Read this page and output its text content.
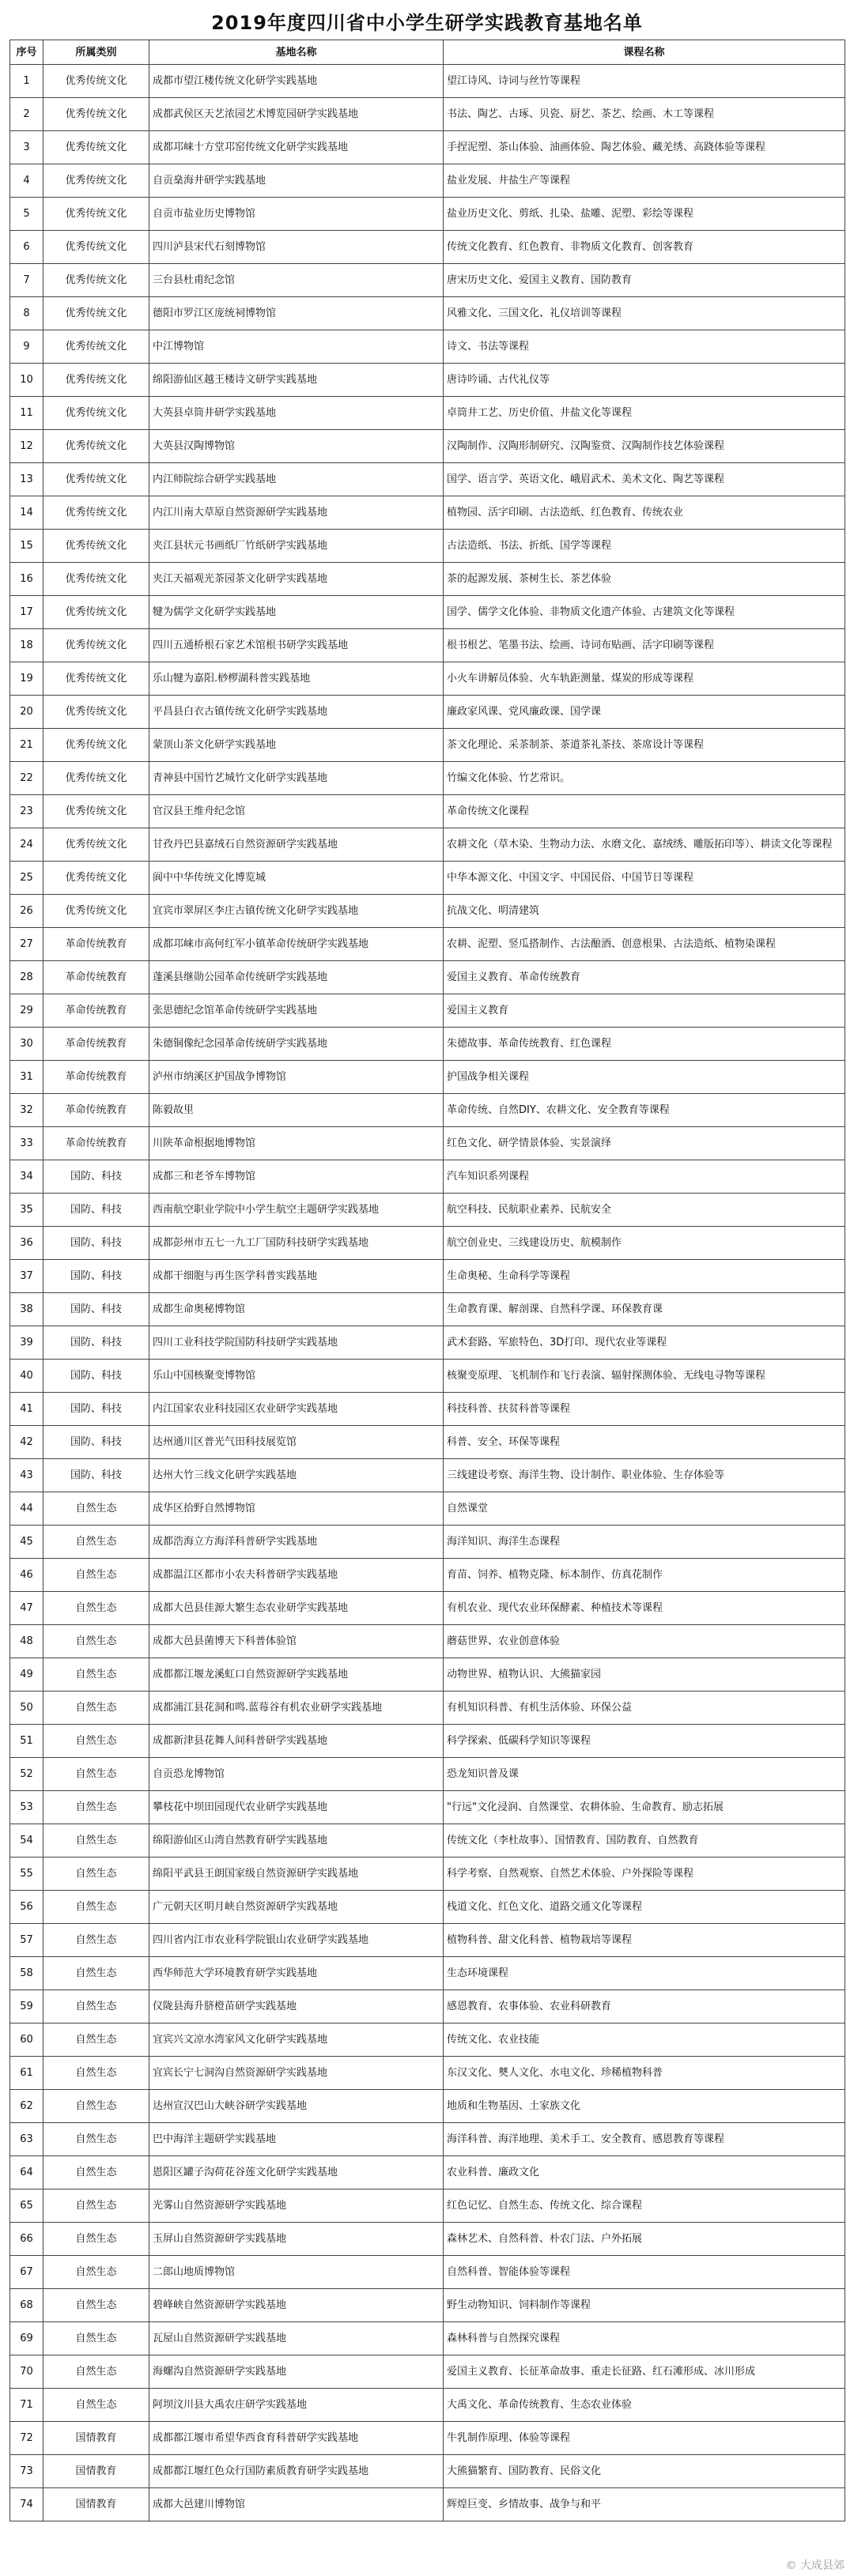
2019年度四川省中小学生研学实践教育基地名单
序号	所属类别	基地名称	课程名称
1	优秀传统文化	成都市望江楼传统文化研学实践基地	望江诗风、诗词与丝竹等课程
2	优秀传统文化	成都武侯区天艺浓园艺术博览园研学实践基地	书法、陶艺、古琢、贝瓷、厨艺、茶艺、绘画、木工等课程
3	优秀传统文化	成都邛崃十方堂邛窑传统文化研学实践基地	手捏泥塑、茶山体验、油画体验、陶艺体验、藏羌绣、高跷体验等课程
4	优秀传统文化	自贡燊海井研学实践基地	盐业发展、井盐生产等课程
5	优秀传统文化	自贡市盐业历史博物馆	盐业历史文化、剪纸、扎染、盐雕、泥塑、彩绘等课程
6	优秀传统文化	四川泸县宋代石刻博物馆	传统文化教育、红色教育、非物质文化教育、创客教育
7	优秀传统文化	三台县杜甫纪念馆	唐宋历史文化、爱国主义教育、国防教育
8	优秀传统文化	德阳市罗江区庞统祠博物馆	风雅文化、三国文化、礼仪培训等课程
9	优秀传统文化	中江博物馆	诗文、书法等课程
10	优秀传统文化	绵阳游仙区越王楼诗文研学实践基地	唐诗吟诵、古代礼仪等
11	优秀传统文化	大英县卓筒井研学实践基地	卓筒井工艺、历史价值、井盐文化等课程
12	优秀传统文化	大英县汉陶博物馆	汉陶制作、汉陶形制研究、汉陶鉴赏、汉陶制作技艺体验课程
13	优秀传统文化	内江师院综合研学实践基地	国学、语言学、英语文化、峨眉武术、美术文化、陶艺等课程
14	优秀传统文化	内江川南大草原自然资源研学实践基地	植物园、活字印刷、古法造纸、红色教育、传统农业
15	优秀传统文化	夹江县状元书画纸厂竹纸研学实践基地	古法造纸、书法、折纸、国学等课程
16	优秀传统文化	夹江天福观光茶园茶文化研学实践基地	茶的起源发展、茶树生长、茶艺体验
17	优秀传统文化	犍为儒学文化研学实践基地	国学、儒学文化体验、非物质文化遗产体验、古建筑文化等课程
18	优秀传统文化	四川五通桥根石家艺术馆根书研学实践基地	根书根艺、笔墨书法、绘画、诗词布贴画、活字印刷等课程
19	优秀传统文化	乐山犍为嘉阳.桫椤湖科普实践基地	小火车讲解员体验、火车轨距测量、煤炭的形成等课程
20	优秀传统文化	平昌县白衣古镇传统文化研学实践基地	廉政家风课、党风廉政课、国学课
21	优秀传统文化	蒙顶山茶文化研学实践基地	茶文化理论、采茶制茶、茶道茶礼茶技、茶席设计等课程
22	优秀传统文化	青神县中国竹艺城竹文化研学实践基地	竹编文化体验、竹艺常识。
23	优秀传统文化	官汉县王维舟纪念馆	革命传统文化课程
24	优秀传统文化	甘孜丹巴县嘉绒石自然资源研学实践基地	农耕文化（草木染、生物动力法、水磨文化、嘉绒绣、雕版拓印等）、耕读文化等课程
25	优秀传统文化	阆中中华传统文化博览城	中华本源文化、中国文字、中国民俗、中国节日等课程
26	优秀传统文化	宜宾市翠屏区李庄古镇传统文化研学实践基地	抗战文化、明清建筑
27	革命传统教育	成都邛崃市高何红军小镇革命传统研学实践基地	农耕、泥塑、竖瓜搭制作、古法酿酒、创意根果、古法造纸、植物染课程
28	革命传统教育	蓬溪县继勋公园革命传统研学实践基地	爱国主义教育、革命传统教育
29	革命传统教育	张思德纪念馆革命传统研学实践基地	爱国主义教育
30	革命传统教育	朱德铜像纪念园革命传统研学实践基地	朱德故事、革命传统教育、红色课程
31	革命传统教育	泸州市纳溪区护国战争博物馆	护国战争相关课程
32	革命传统教育	陈毅故里	革命传统、自然DIY、农耕文化、安全教育等课程
33	革命传统教育	川陕革命根据地博物馆	红色文化、研学情景体验、实景演绎
34	国防、科技	成都三和老爷车博物馆	汽车知识系列课程
35	国防、科技	西南航空职业学院中小学生航空主题研学实践基地	航空科技、民航职业素养、民航安全
36	国防、科技	成都彭州市五七一九工厂国防科技研学实践基地	航空创业史、三线建设历史、航模制作
37	国防、科技	成都干细胞与再生医学科普实践基地	生命奥秘、生命科学等课程
38	国防、科技	成都生命奥秘博物馆	生命教育课、解剖课、自然科学课、环保教育课
39	国防、科技	四川工业科技学院国防科技研学实践基地	武术套路、军旅特色、3D打印、现代农业等课程
40	国防、科技	乐山中国核聚变博物馆	核聚变原理、飞机制作和飞行表演、辐射探测体验、无线电寻物等课程
41	国防、科技	内江国家农业科技园区农业研学实践基地	科技科普、扶贫科普等课程
42	国防、科技	达州通川区普光气田科技展览馆	科普、安全、环保等课程
43	国防、科技	达州大竹三线文化研学实践基地	三线建设考察、海洋生物、设计制作、职业体验、生存体验等
44	自然生态	成华区拾野自然博物馆	自然课堂
45	自然生态	成都浩海立方海洋科普研学实践基地	海洋知识、海洋生态课程
46	自然生态	成都温江区都市小农夫科普研学实践基地	育苗、饲养、植物克隆、标本制作、仿真花制作
47	自然生态	成都大邑县佳源大繁生态农业研学实践基地	有机农业、现代农业环保酵素、种植技术等课程
48	自然生态	成都大邑县菌博天下科普体验馆	蘑菇世界、农业创意体验
49	自然生态	成都都江堰龙溪虹口自然资源研学实践基地	动物世界、植物认识、大熊猫家园
50	自然生态	成都浦江县花洞和鸣.蓝莓谷有机农业研学实践基地	有机知识科普、有机生活体验、环保公益
51	自然生态	成都新津县花舞人间科普研学实践基地	科学探索、低碳科学知识等课程
52	自然生态	自贡恐龙博物馆	恐龙知识普及课
53	自然生态	攀枝花中坝田园现代农业研学实践基地	"行远"文化浸润、自然课堂、农耕体验、生命教育、励志拓展
54	自然生态	绵阳游仙区山湾自然教育研学实践基地	传统文化（李杜故事）、国情教育、国防教育、自然教育
55	自然生态	绵阳平武县王朗国家级自然资源研学实践基地	科学考察、自然观察、自然艺术体验、户外探险等课程
56	自然生态	广元朝天区明月峡自然资源研学实践基地	栈道文化、红色文化、道路交通文化等课程
57	自然生态	四川省内江市农业科学院银山农业研学实践基地	植物科普、甜文化科普、植物栽培等课程
58	自然生态	西华师范大学环境教育研学实践基地	生态环境课程
59	自然生态	仪陇县海升脐橙苗研学实践基地	感恩教育、农事体验、农业科研教育
60	自然生态	宜宾兴文凉水湾家风文化研学实践基地	传统文化、农业技能
61	自然生态	宜宾长宁七洞沟自然资源研学实践基地	东汉文化、僰人文化、水电文化、珍稀植物科普
62	自然生态	达州宣汉巴山大峡谷研学实践基地	地质和生物基因、土家族文化
63	自然生态	巴中海洋主题研学实践基地	海洋科普、海洋地理、美术手工、安全教育、感恩教育等课程
64	自然生态	恩阳区罐子沟荷花谷莲文化研学实践基地	农业科普、廉政文化
65	自然生态	光雾山自然资源研学实践基地	红色记忆、自然生态、传统文化、综合课程
66	自然生态	玉屏山自然资源研学实践基地	森林艺术、自然科普、朴农门法、户外拓展
67	自然生态	二郎山地质博物馆	自然科普、智能体验等课程
68	自然生态	碧峰峡自然资源研学实践基地	野生动物知识、饲料制作等课程
69	自然生态	瓦屋山自然资源研学实践基地	森林科普与自然探究课程
70	自然生态	海螺沟自然资源研学实践基地	爱国主义教育、长征革命故事、重走长征路、红石滩形成、冰川形成
71	自然生态	阿坝汶川县大禹农庄研学实践基地	大禹文化、革命传统教育、生态农业体验
72	国情教育	成都都江堰市希望华西食育科普研学实践基地	牛乳制作原理、体验等课程
73	国情教育	成都都江堰红色众行国防素质教育研学实践基地	大熊猫繁育、国防教育、民俗文化
74	国情教育	成都大邑建川博物馆	辉煌巨变、乡情故事、战争与和平
© 大成县郊
